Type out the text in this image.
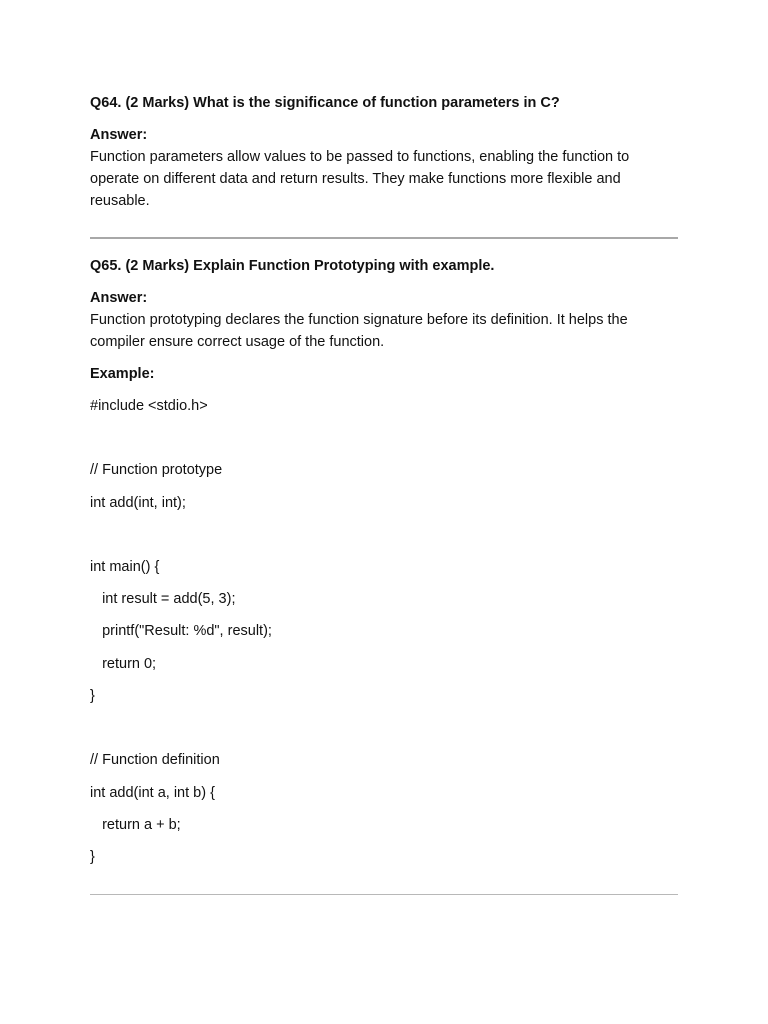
Q64. (2 Marks) What is the significance of function parameters in C?
Answer:
Function parameters allow values to be passed to functions, enabling the function to
operate on different data and return results. They make functions more flexible and
reusable.
Q65. (2 Marks) Explain Function Prototyping with example.
Answer:
Function prototyping declares the function signature before its definition. It helps the
compiler ensure correct usage of the function.
Example:
#include <stdio.h>
// Function prototype
int add(int, int);
int main() {
int result = add(5, 3);
printf("Result: %d", result);
return 0;
}
// Function definition
int add(int a, int b) {
return a + b;
}
